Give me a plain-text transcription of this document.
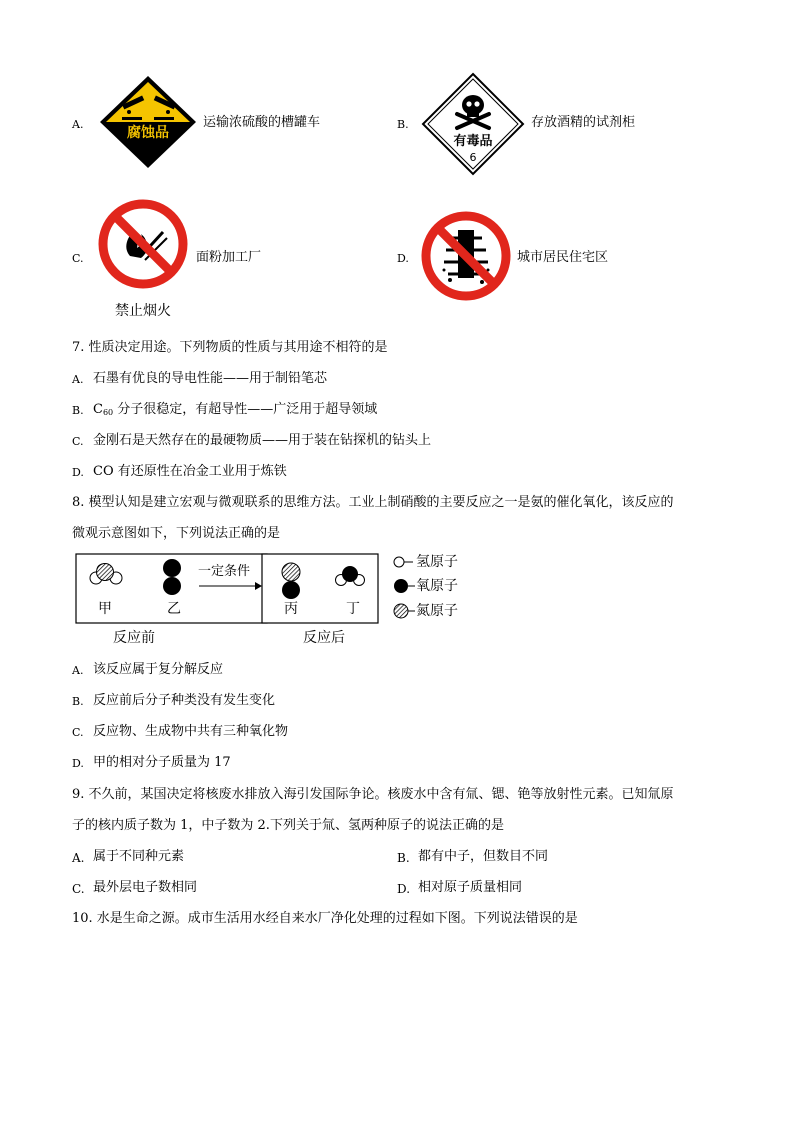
A.
腐蚀品
运输浓硫酸的槽罐车	B.
有毒品
6
存放酒精的试剂柜
C.
禁止烟火
面粉加工厂	D.	城市居民住宅区
7. 性质决定用途。下列物质的性质与其用途不相符的是
A. 石墨有优良的导电性能——用于制铅笔芯
B. $C_{60}$ 分子很稳定，有超导性——广泛用于超导领域
C. 金刚石是天然存在的最硬物质——用于装在钻探机的钻头上
D. CO 有还原性在冶金工业用于炼铁
8. 模型认知是建立宏观与微观联系的思维方法。工业上制硝酸的主要反应之一是氨的催化氧化，该反应的
微观示意图如下，下列说法正确的是
甲	乙	丙	丁
一定条件
反应前	反应后
氢原子
氧原子
氮原子
A. 该反应属于复分解反应
B. 反应前后分子种类没有发生变化
C. 反应物、生成物中共有三种氧化物
D. 甲的相对分子质量为 17
9. 不久前，某国决定将核废水排放入海引发国际争论。核废水中含有氚、锶、铯等放射性元素。已知氚原
子的核内质子数为 1，中子数为 2.下列关于氚、氢两种原子的说法正确的是
A. 属于不同种元素	B. 都有中子，但数目不同
C. 最外层电子数相同	D. 相对原子质量相同
10. 水是生命之源。成市生活用水经自来水厂净化处理的过程如下图。下列说法错误的是
